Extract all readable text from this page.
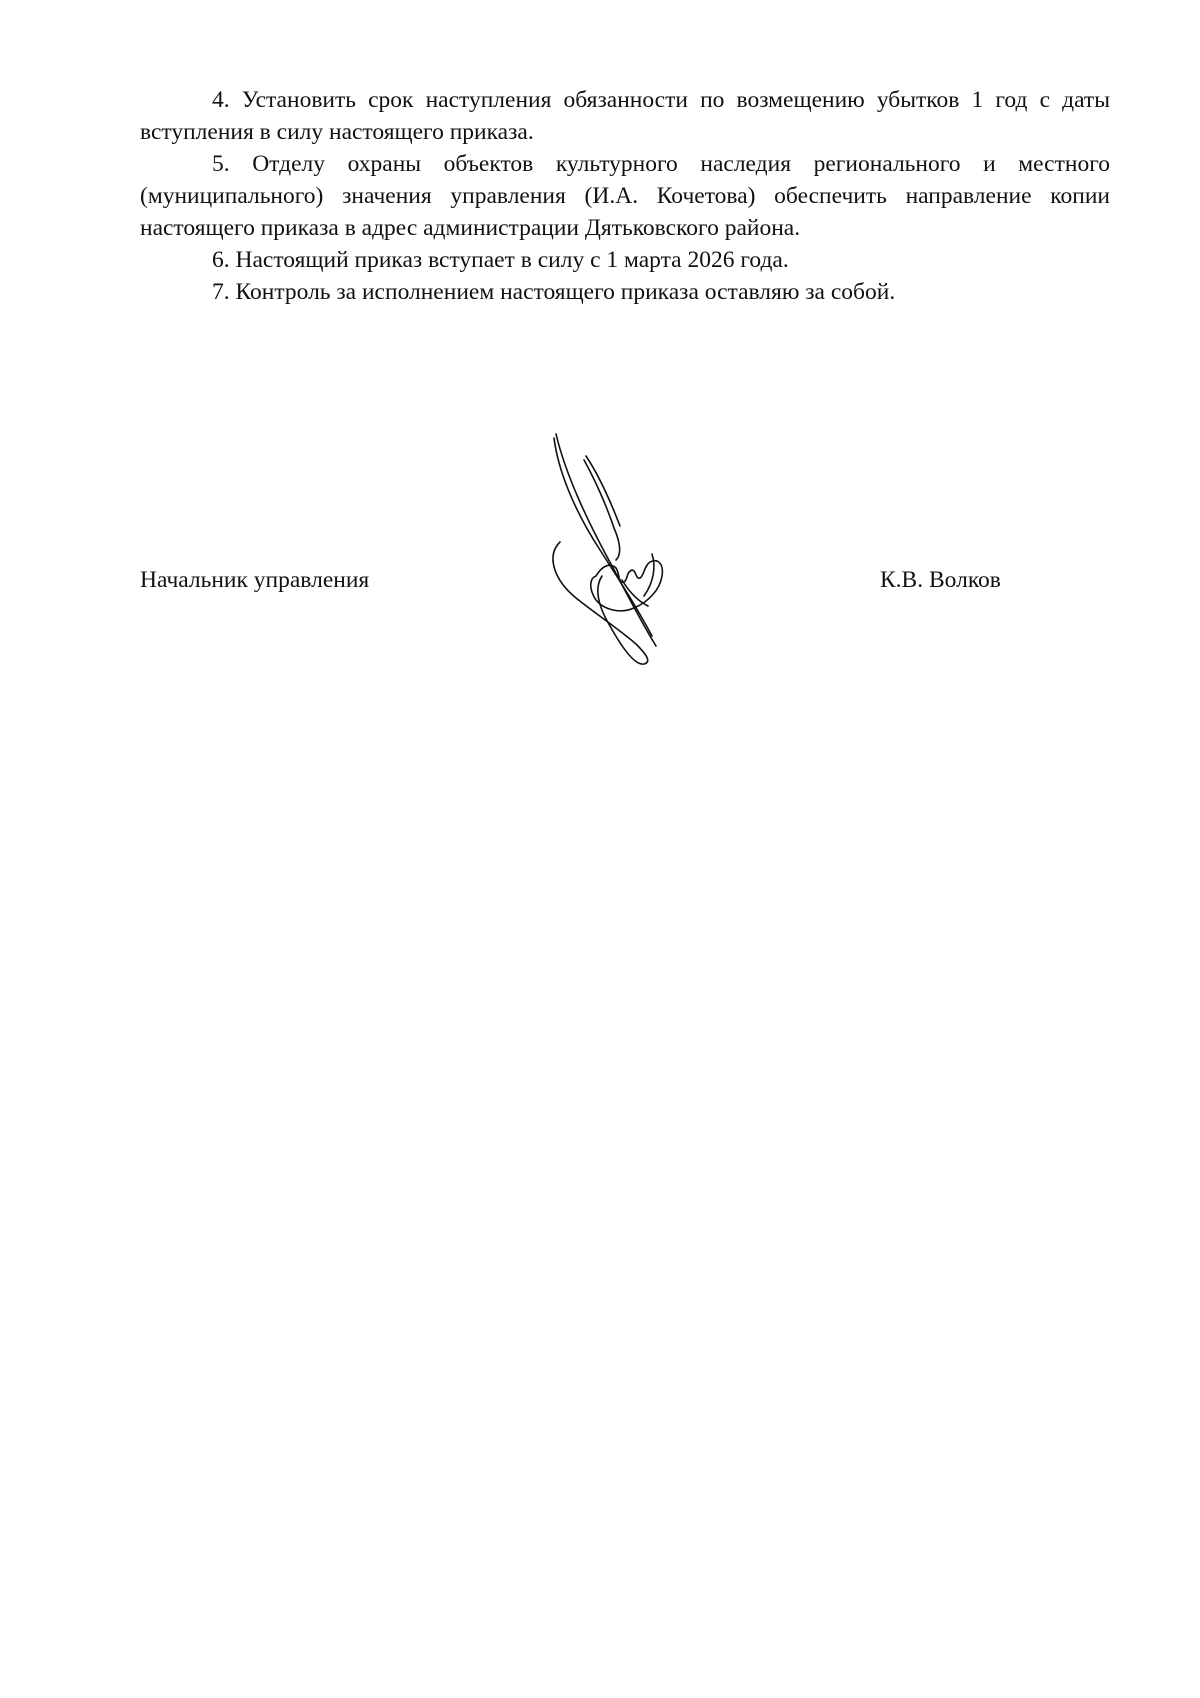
4. Установить срок наступления обязанности по возмещению убытков 1 год с даты вступления в силу настоящего приказа.

5. Отделу охраны объектов культурного наследия регионального и местного (муниципального) значения управления (И.А. Кочетова) обеспечить направление копии настоящего приказа в адрес администрации Дятьковского района.

6. Настоящий приказ вступает в силу с 1 марта 2026 года.

7. Контроль за исполнением настоящего приказа оставляю за собой.

Начальник управления	К.В. Волков
